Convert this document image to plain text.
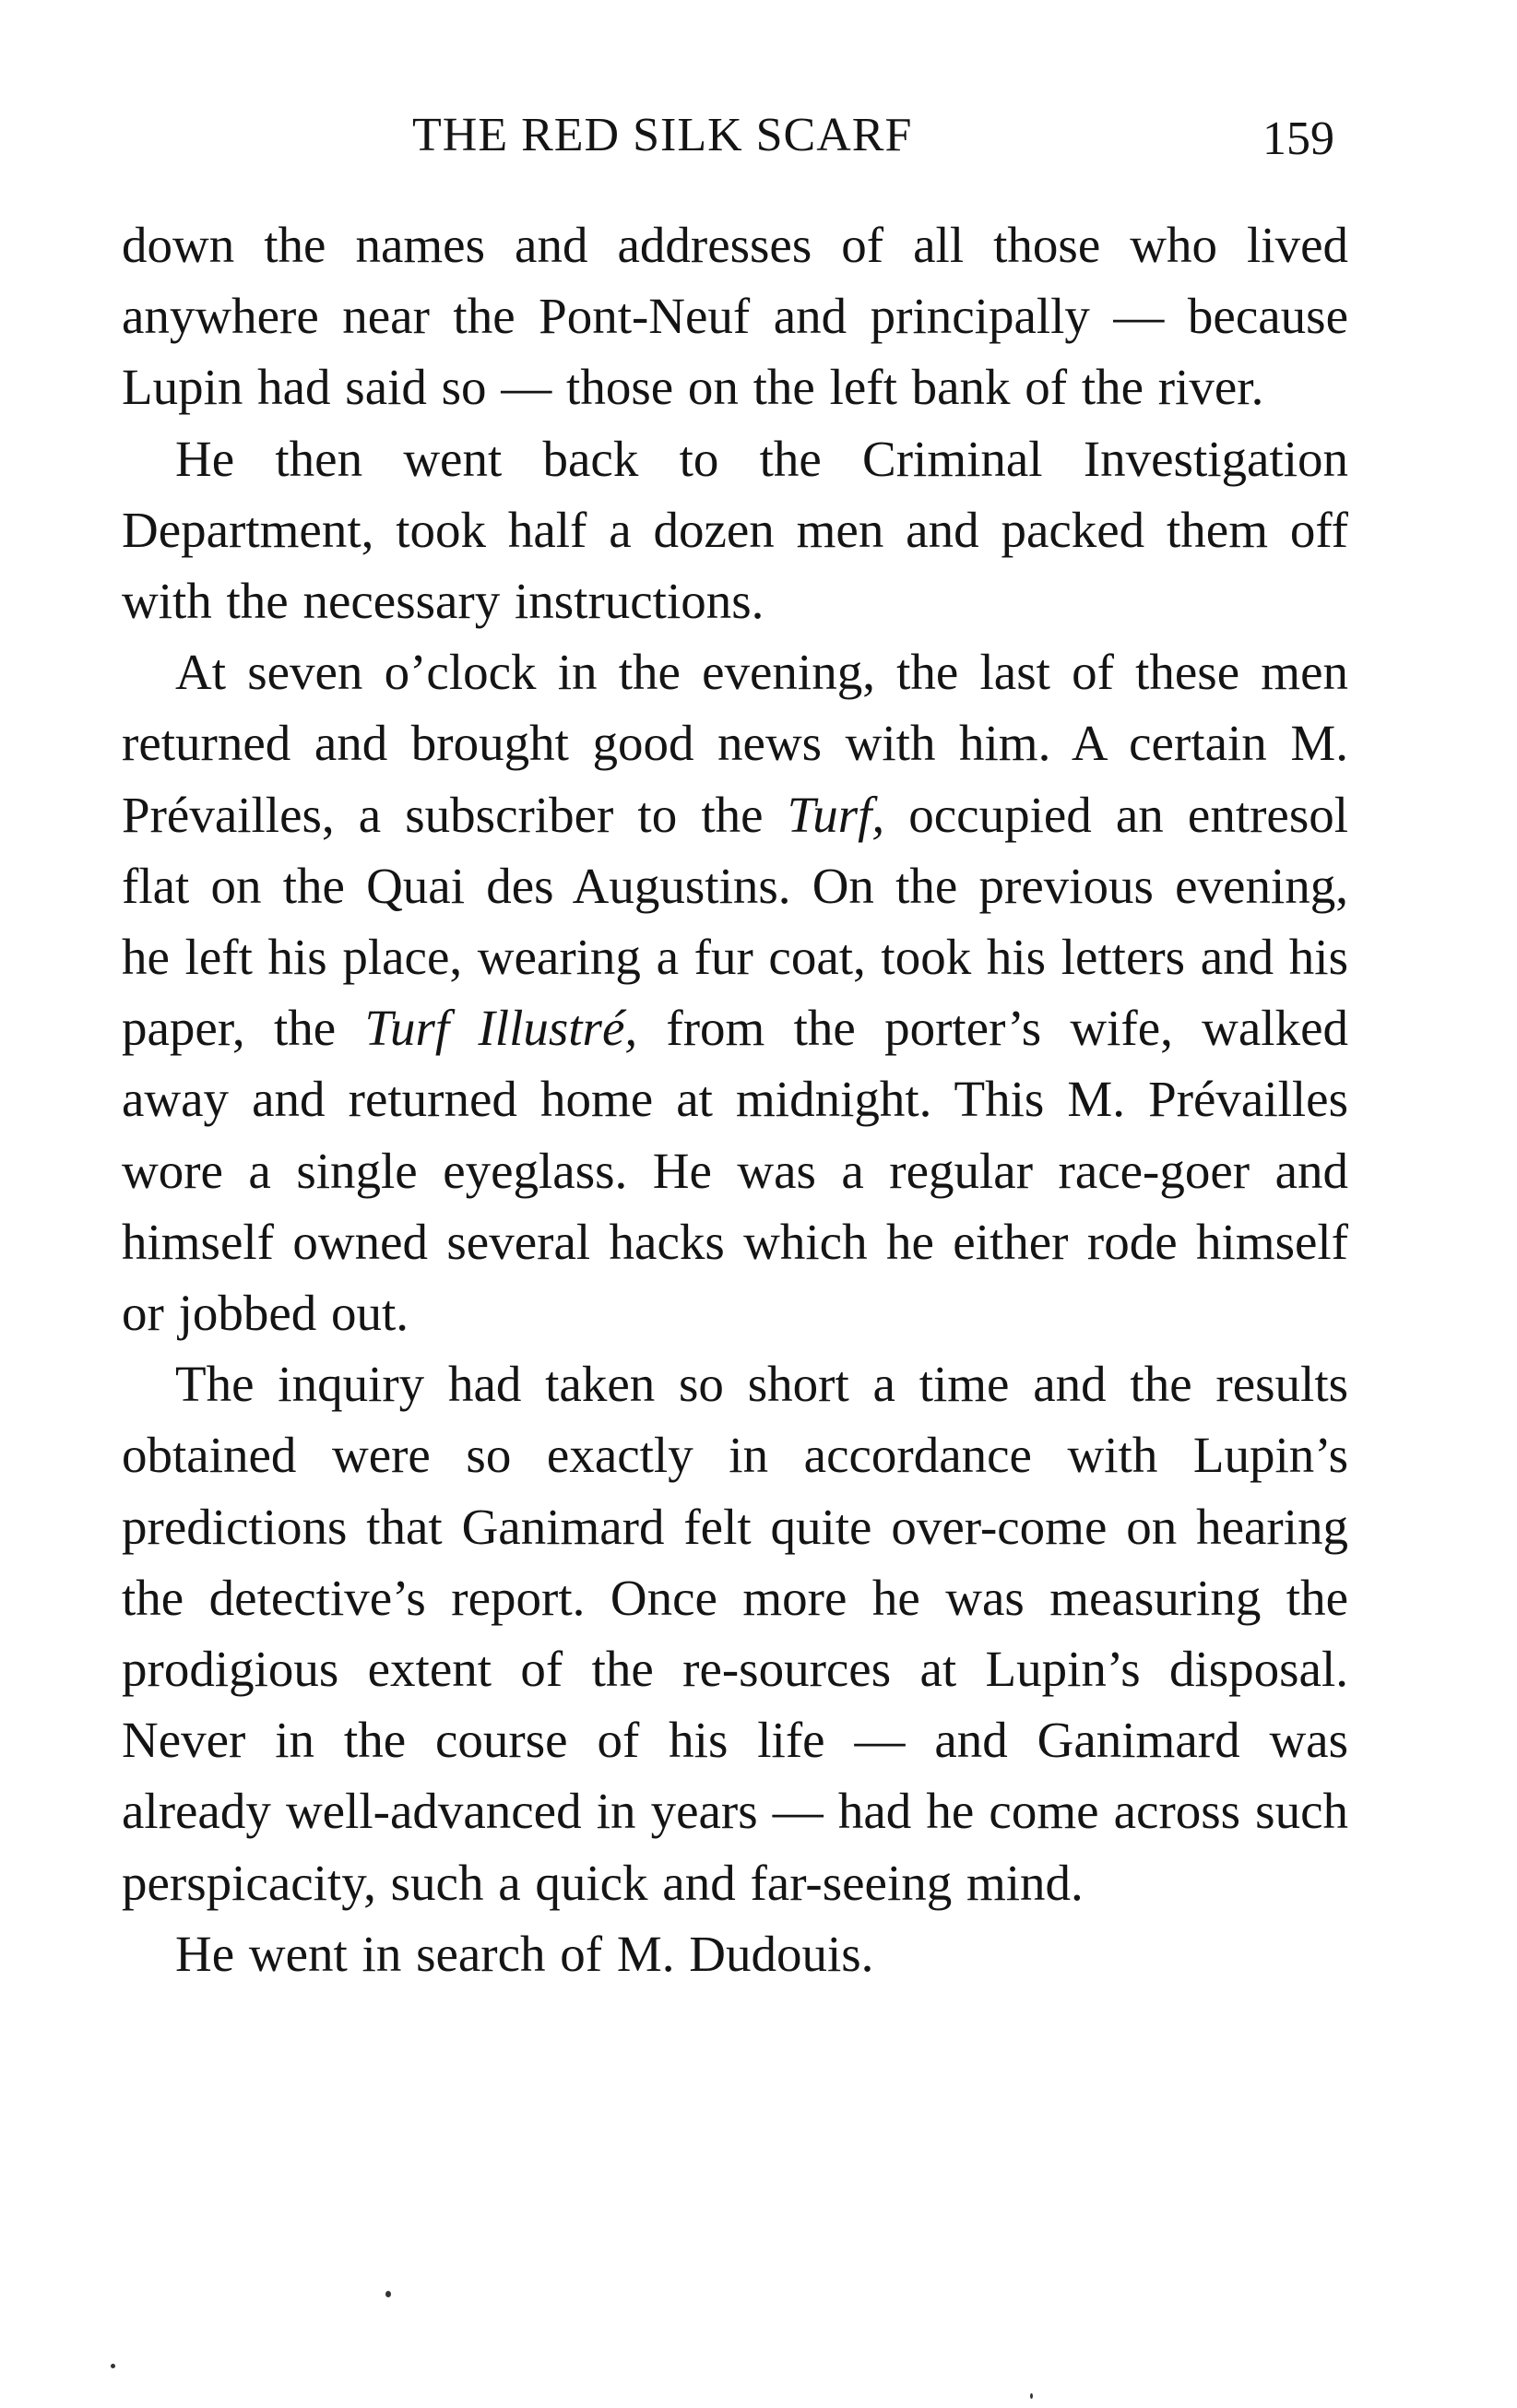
THE RED SILK SCARF	159

down the names and addresses of all those who lived anywhere near the Pont-Neuf and principally — because Lupin had said so — those on the left bank of the river.

He then went back to the Criminal Investigation Department, took half a dozen men and packed them off with the necessary instructions.

At seven o’clock in the evening, the last of these men returned and brought good news with him. A certain M. Prévailles, a subscriber to the Turf, occupied an entresol flat on the Quai des Augustins. On the previous evening, he left his place, wearing a fur coat, took his letters and his paper, the Turf Illustré, from the porter’s wife, walked away and returned home at midnight. This M. Prévailles wore a single eyeglass. He was a regular race-goer and himself owned several hacks which he either rode himself or jobbed out.

The inquiry had taken so short a time and the results obtained were so exactly in accordance with Lupin’s predictions that Ganimard felt quite over-come on hearing the detective’s report. Once more he was measuring the prodigious extent of the re-sources at Lupin’s disposal. Never in the course of his life — and Ganimard was already well-advanced in years — had he come across such perspicacity, such a quick and far-seeing mind.

He went in search of M. Dudouis.
